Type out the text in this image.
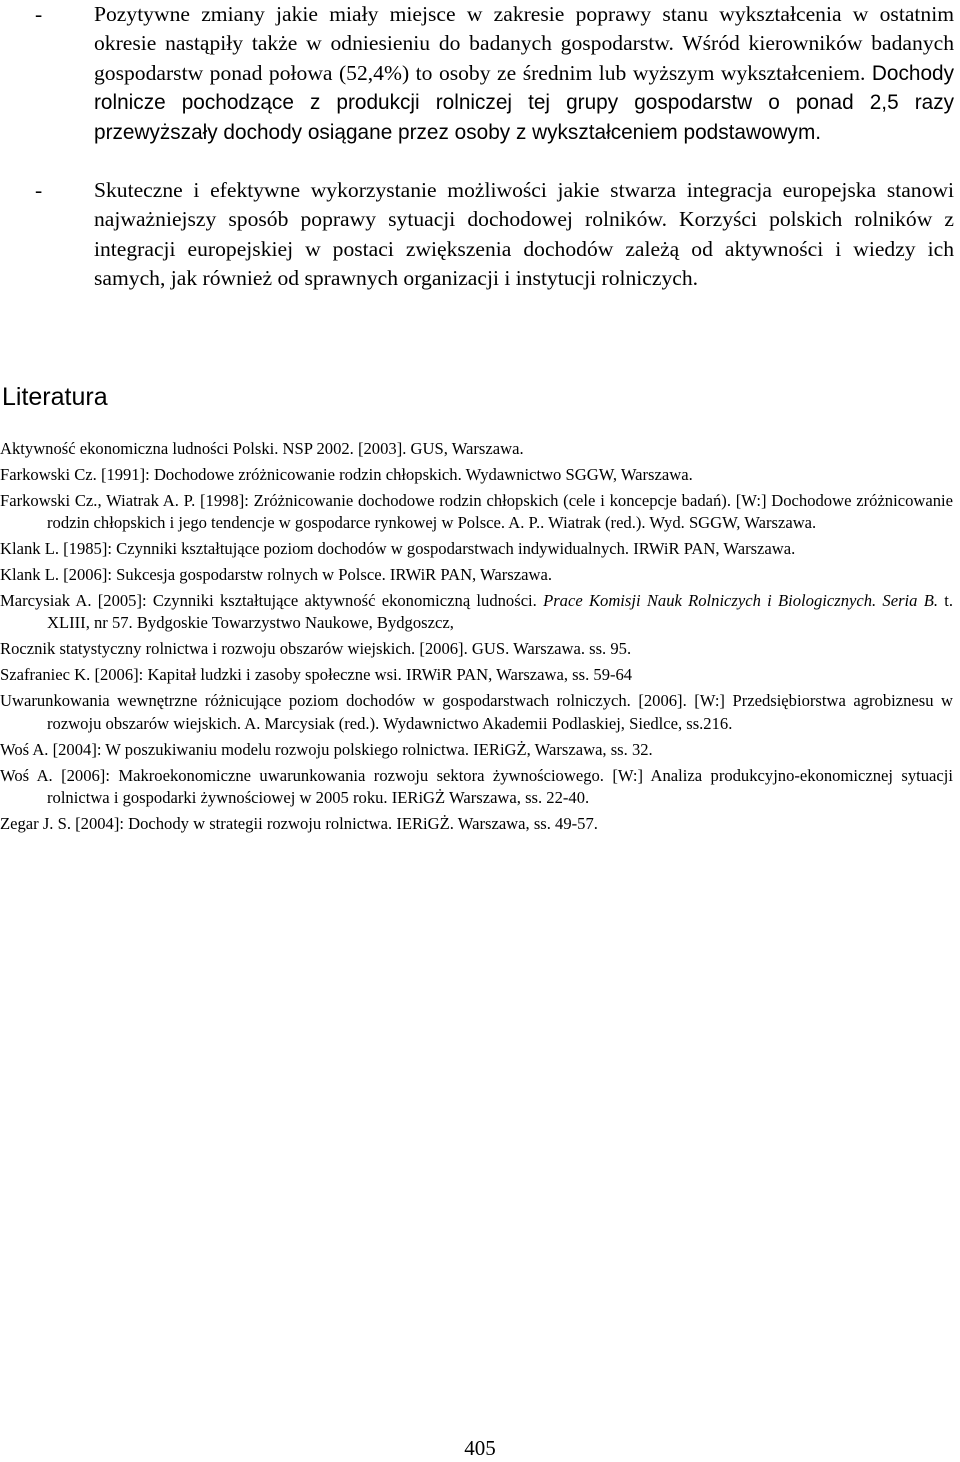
- Pozytywne zmiany jakie miały miejsce w zakresie poprawy stanu wykształcenia w ostatnim okresie nastąpiły także w odniesieniu do badanych gospodarstw. Wśród kierowników badanych gospodarstw ponad połowa (52,4%) to osoby ze średnim lub wyższym wykształceniem. Dochody rolnicze pochodzące z produkcji rolniczej tej grupy gospodarstw o ponad 2,5 razy przewyższały dochody osiągane przez osoby z wykształceniem podstawowym.
- Skuteczne i efektywne wykorzystanie możliwości jakie stwarza integracja europejska stanowi najważniejszy sposób poprawy sytuacji dochodowej rolników. Korzyści polskich rolników z integracji europejskiej w postaci zwiększenia dochodów zależą od aktywności i wiedzy ich samych, jak również od sprawnych organizacji i instytucji rolniczych.
Literatura
Aktywność ekonomiczna ludności Polski. NSP 2002. [2003]. GUS, Warszawa.
Farkowski Cz. [1991]: Dochodowe zróżnicowanie rodzin chłopskich. Wydawnictwo SGGW, Warszawa.
Farkowski Cz., Wiatrak A. P. [1998]: Zróżnicowanie dochodowe rodzin chłopskich (cele i koncepcje badań). [W:] Dochodowe zróżnicowanie rodzin chłopskich i jego tendencje w gospodarce rynkowej w Polsce. A. P.. Wiatrak (red.). Wyd. SGGW, Warszawa.
Klank L. [1985]: Czynniki kształtujące poziom dochodów w gospodarstwach indywidualnych. IRWiR PAN, Warszawa.
Klank L. [2006]: Sukcesja gospodarstw rolnych w Polsce. IRWiR PAN, Warszawa.
Marcysiak A. [2005]: Czynniki kształtujące aktywność ekonomiczną ludności. Prace Komisji Nauk Rolniczych i Biologicznych. Seria B. t. XLIII, nr 57. Bydgoskie Towarzystwo Naukowe, Bydgoszcz,
Rocznik statystyczny rolnictwa i rozwoju obszarów wiejskich. [2006]. GUS. Warszawa. ss. 95.
Szafraniec K. [2006]: Kapitał ludzki i zasoby społeczne wsi. IRWiR PAN, Warszawa, ss. 59-64
Uwarunkowania wewnętrzne różnicujące poziom dochodów w gospodarstwach rolniczych. [2006]. [W:] Przedsiębiorstwa agrobiznesu w rozwoju obszarów wiejskich. A. Marcysiak (red.). Wydawnictwo Akademii Podlaskiej, Siedlce, ss.216.
Woś A. [2004]: W poszukiwaniu modelu rozwoju polskiego rolnictwa. IERiGŻ, Warszawa, ss. 32.
Woś A. [2006]: Makroekonomiczne uwarunkowania rozwoju sektora żywnościowego. [W:] Analiza produkcyjno-ekonomicznej sytuacji rolnictwa i gospodarki żywnościowej w 2005 roku. IERiGŻ Warszawa, ss. 22-40.
Zegar J. S. [2004]: Dochody w strategii rozwoju rolnictwa. IERiGŻ. Warszawa, ss. 49-57.
405
